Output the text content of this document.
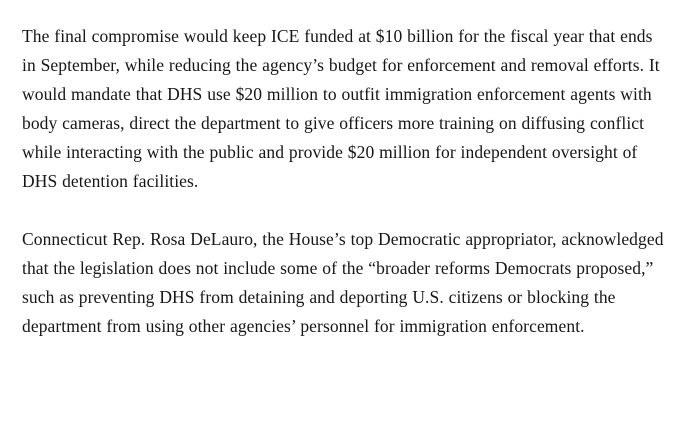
The final compromise would keep ICE funded at $10 billion for the fiscal year that ends in September, while reducing the agency’s budget for enforcement and removal efforts. It would mandate that DHS use $20 million to outfit immigration enforcement agents with body cameras, direct the department to give officers more training on diffusing conflict while interacting with the public and provide $20 million for independent oversight of DHS detention facilities.

Connecticut Rep. Rosa DeLauro, the House’s top Democratic appropriator, acknowledged that the legislation does not include some of the “broader reforms Democrats proposed,” such as preventing DHS from detaining and deporting U.S. citizens or blocking the department from using other agencies’ personnel for immigration enforcement.
